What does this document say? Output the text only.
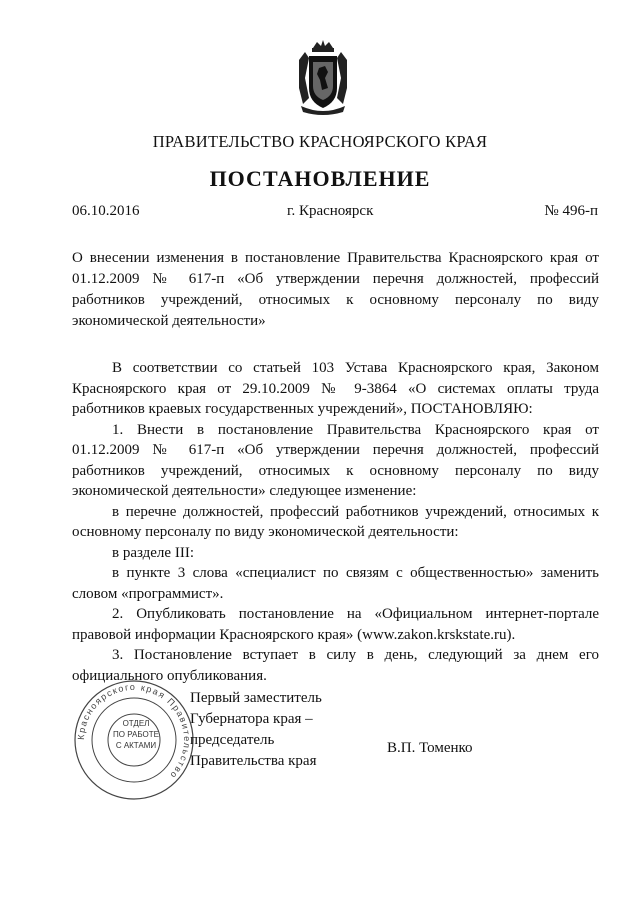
ПРАВИТЕЛЬСТВО КРАСНОЯРСКОГО КРАЯ
ПОСТАНОВЛЕНИЕ
06.10.2016	г. Красноярск	№ 496-п
О внесении изменения в постановление Правительства Красноярского края от 01.12.2009 № 617-п «Об утверждении перечня должностей, профессий работников учреждений, относимых к основному персоналу по виду экономической деятельности»

В соответствии со статьей 103 Устава Красноярского края, Законом Красноярского края от 29.10.2009 № 9-3864 «О системах оплаты труда работников краевых государственных учреждений», ПОСТАНОВЛЯЮ:

1. Внести в постановление Правительства Красноярского края от 01.12.2009 № 617-п «Об утверждении перечня должностей, профессий работников учреждений, относимых к основному персоналу по виду экономической деятельности» следующее изменение:

в перечне должностей, профессий работников учреждений, относимых к основному персоналу по виду экономической деятельности:

в разделе III:

в пункте 3 слова «специалист по связям с общественностью» заменить словом «программист».

2. Опубликовать постановление на «Официальном интернет-портале правовой информации Красноярского края» (www.zakon.krskstate.ru).

3. Постановление вступает в силу в день, следующий за днем его официального опубликования.

Красноярского края Правительство
ОТДЕЛ
ПО РАБОТЕ
С АКТАМИ
Первый заместитель
Губернатора края –
председатель
Правительства края
В.П. Томенко
